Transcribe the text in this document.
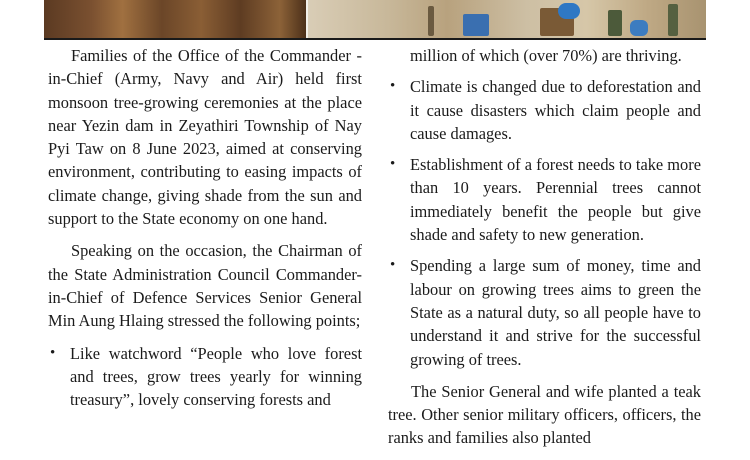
Families of the Office of the Commander -in-Chief (Army, Navy and Air) held first monsoon tree-growing ceremonies at the place near Yezin dam in Zeyathiri Township of Nay Pyi Taw on 8 June 2023, aimed at conserving environment, contributing to easing impacts of climate change, giving shade from the sun and support to the State economy on one hand.

Speaking on the occasion, the Chairman of the State Administration Council Commander-in-Chief of Defence Services Senior General Min Aung Hlaing stressed the following points;

• Like watchword “People who love forest and trees, grow trees yearly for winning treasury”, lovely conserving forests and
million of which (over 70%) are thriving.
• Climate is changed due to deforestation and it cause disasters which claim people and cause damages.
• Establishment of a forest needs to take more than 10 years. Perennial trees cannot immediately benefit the people but give shade and safety to new generation.
• Spending a large sum of money, time and labour on growing trees aims to green the State as a natural duty, so all people have to understand it and strive for the successful growing of trees.

The Senior General and wife planted a teak tree. Other senior military officers, officers, the ranks and families also planted
